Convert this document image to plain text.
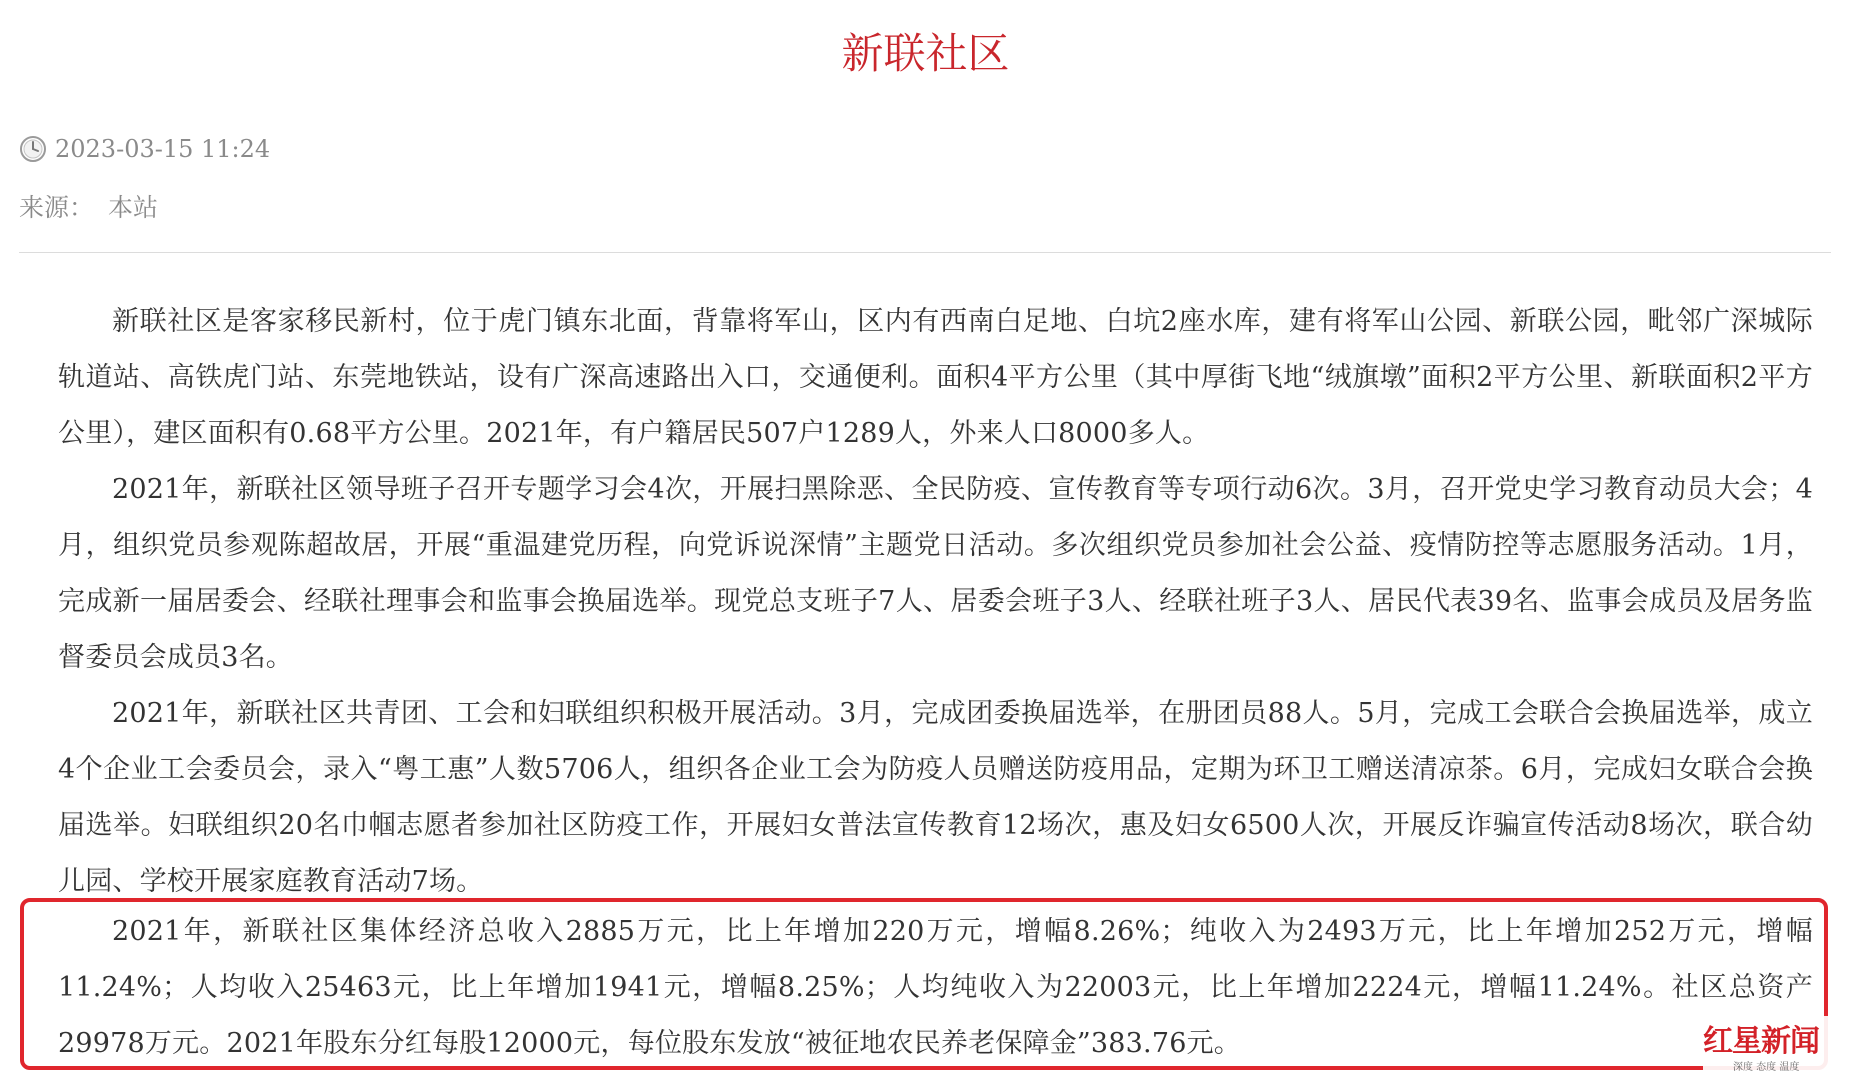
新联社区
2023-03-15 11:24
来源： 本站

新联社区是客家移民新村，位于虎门镇东北面，背靠将军山，区内有西南白足地、白坑2座水库，建有将军山公园、新联公园，毗邻广深城际轨道站、高铁虎门站、东莞地铁站，设有广深高速路出入口，交通便利。面积4平方公里（其中厚街飞地“绒旗墩”面积2平方公里、新联面积2平方公里），建区面积有0.68平方公里。2021年，有户籍居民507户1289人，外来人口8000多人。

2021年，新联社区领导班子召开专题学习会4次，开展扫黑除恶、全民防疫、宣传教育等专项行动6次。3月，召开党史学习教育动员大会；4月，组织党员参观陈超故居，开展“重温建党历程，向党诉说深情”主题党日活动。多次组织党员参加社会公益、疫情防控等志愿服务活动。1月，完成新一届居委会、经联社理事会和监事会换届选举。现党总支班子7人、居委会班子3人、经联社班子3人、居民代表39名、监事会成员及居务监督委员会成员3名。

2021年，新联社区共青团、工会和妇联组织积极开展活动。3月，完成团委换届选举，在册团员88人。5月，完成工会联合会换届选举，成立4个企业工会委员会，录入“粤工惠”人数5706人，组织各企业工会为防疫人员赠送防疫用品，定期为环卫工赠送清凉茶。6月，完成妇女联合会换届选举。妇联组织20名巾帼志愿者参加社区防疫工作，开展妇女普法宣传教育12场次，惠及妇女6500人次，开展反诈骗宣传活动8场次，联合幼儿园、学校开展家庭教育活动7场。

2021年，新联社区集体经济总收入2885万元，比上年增加220万元，增幅8.26%；纯收入为2493万元，比上年增加252万元，增幅11.24%；人均收入25463元，比上年增加1941元，增幅8.25%；人均纯收入为22003元，比上年增加2224元，增幅11.24%。社区总资产29978万元。2021年股东分红每股12000元，每位股东发放“被征地农民养老保障金”383.76元。	红星新闻
深度 态度 温度
